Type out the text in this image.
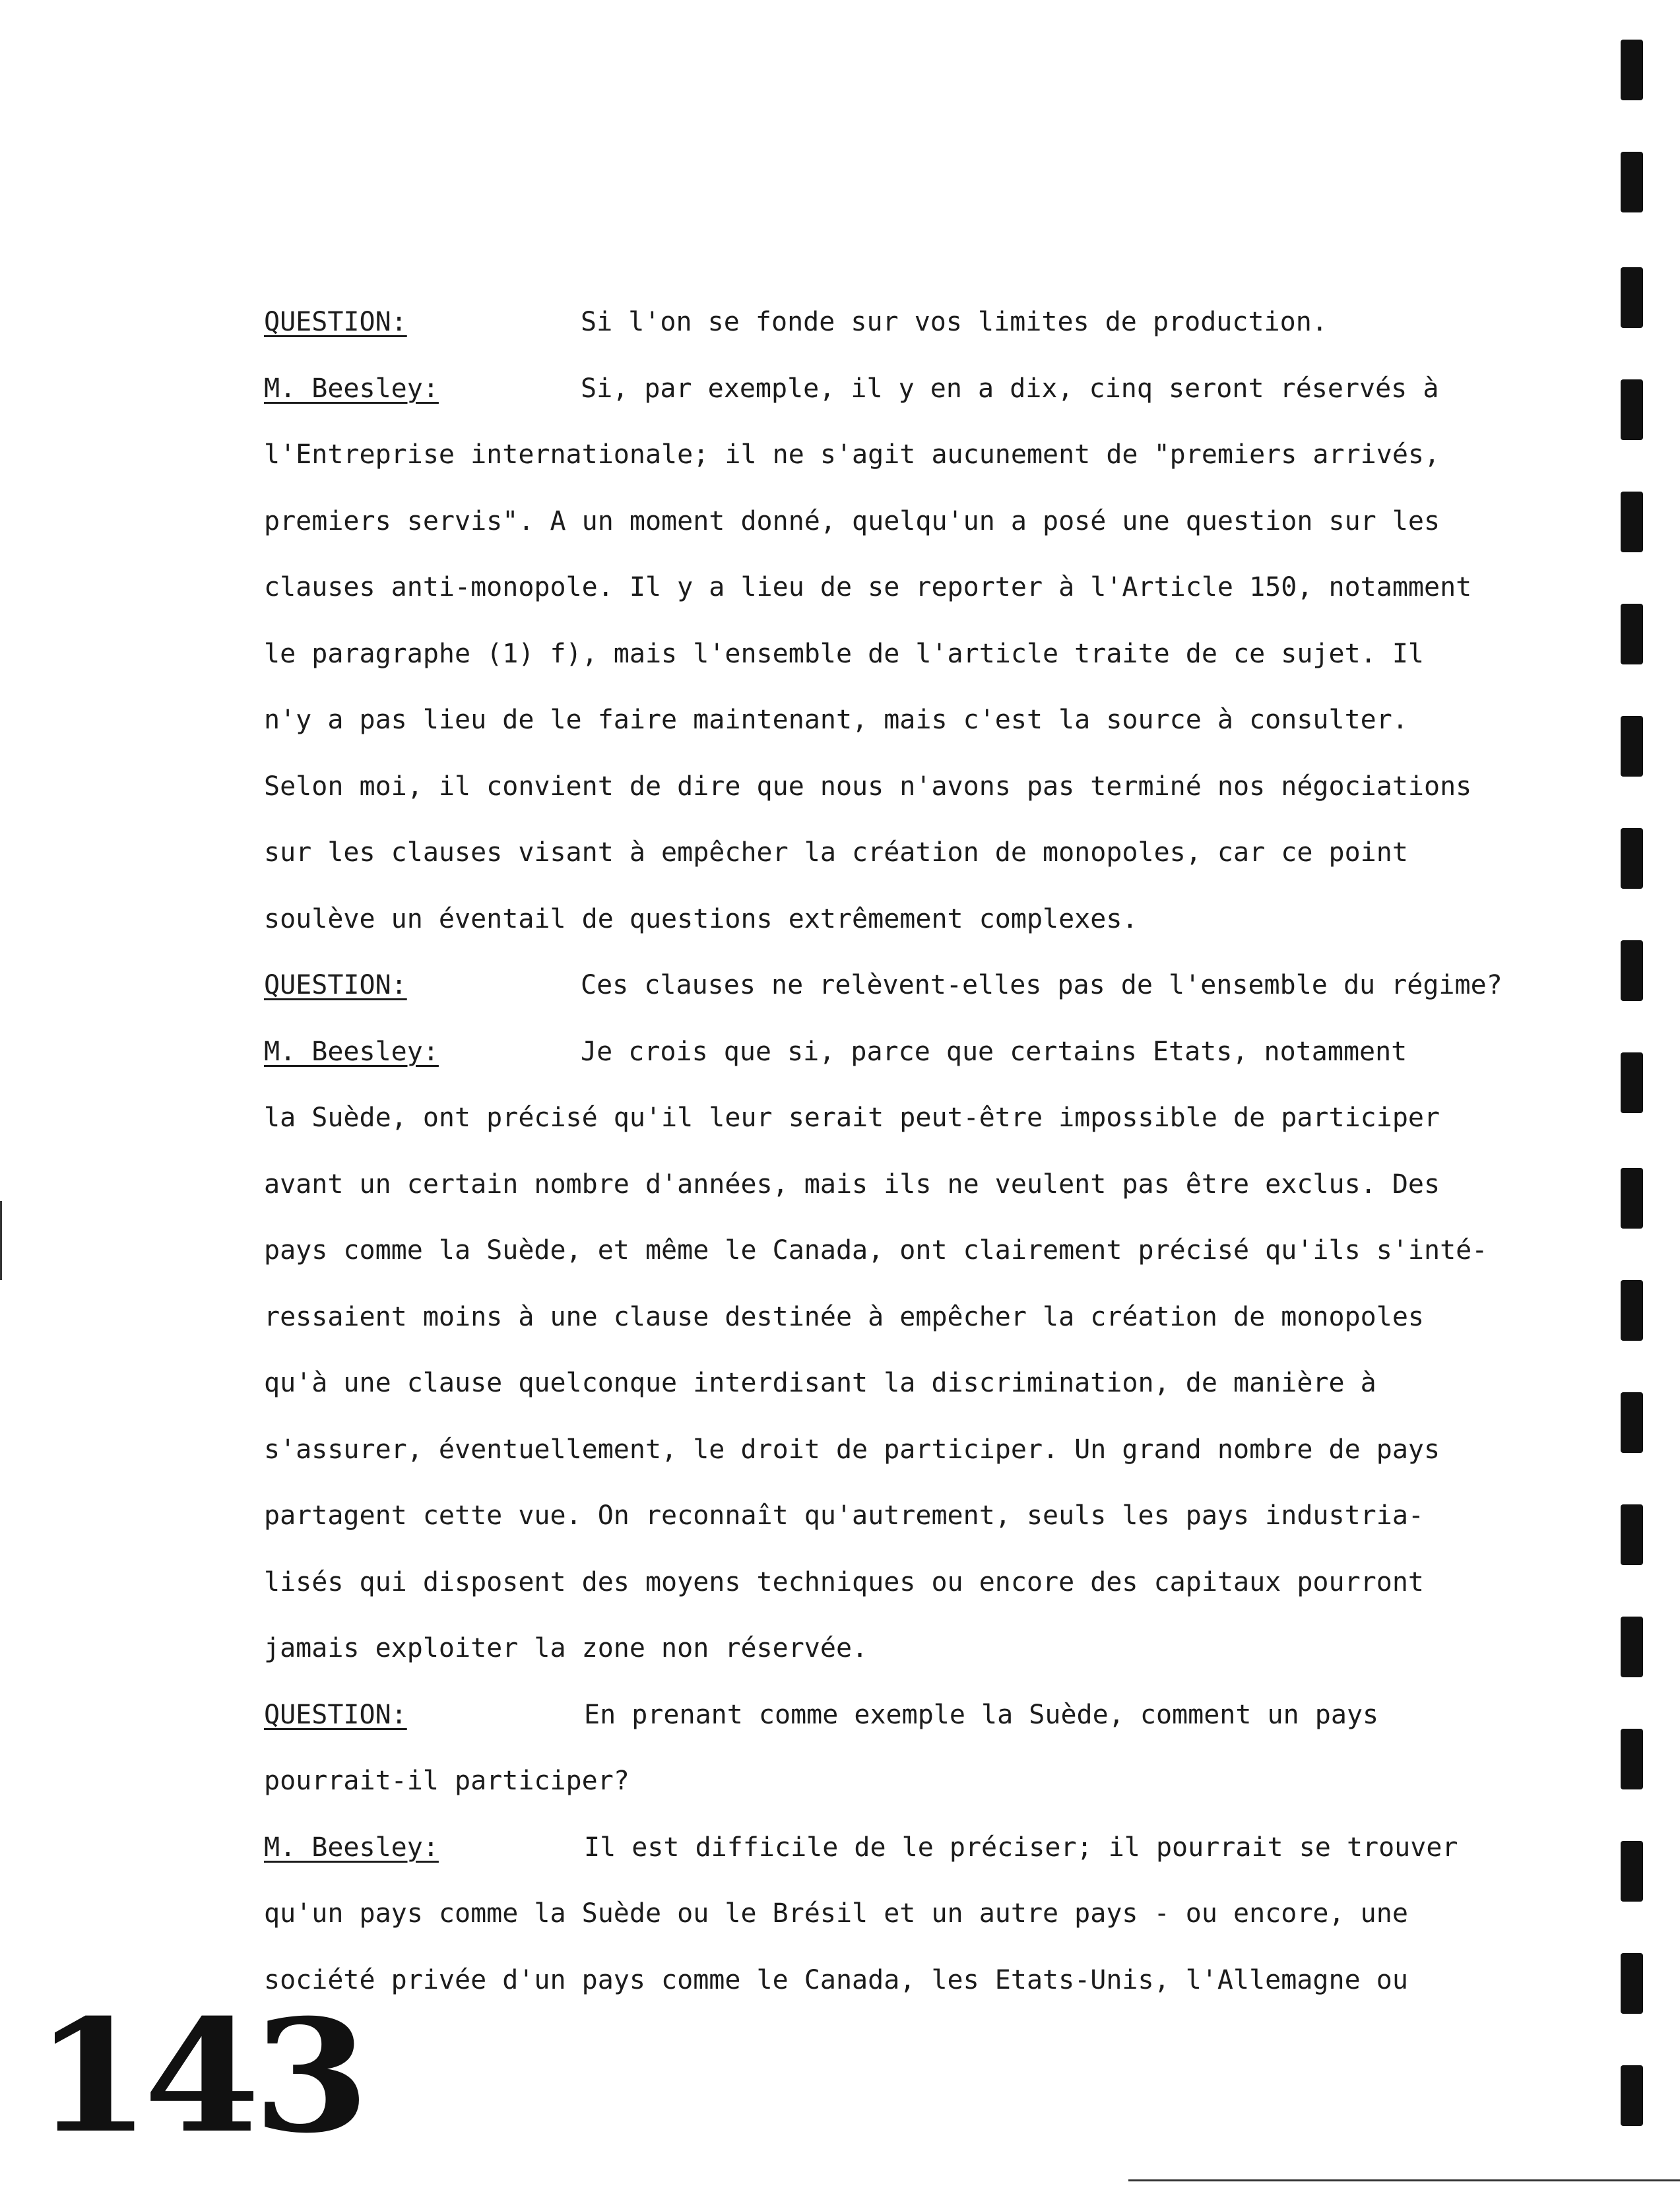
QUESTION:	Si l'on se fonde sur vos limites de production.
M. Beesley:	Si, par exemple, il y en a dix, cinq seront réservés à
l'Entreprise internationale; il ne s'agit aucunement de "premiers arrivés,
premiers servis". A un moment donné, quelqu'un a posé une question sur les
clauses anti-monopole. Il y a lieu de se reporter à l'Article 150, notamment
le paragraphe (1) f), mais l'ensemble de l'article traite de ce sujet. Il
n'y a pas lieu de le faire maintenant, mais c'est la source à consulter.
Selon moi, il convient de dire que nous n'avons pas terminé nos négociations
sur les clauses visant à empêcher la création de monopoles, car ce point
soulève un éventail de questions extrêmement complexes.
QUESTION:	Ces clauses ne relèvent-elles pas de l'ensemble du régime?
M. Beesley:	Je crois que si, parce que certains Etats, notamment
la Suède, ont précisé qu'il leur serait peut-être impossible de participer
avant un certain nombre d'années, mais ils ne veulent pas être exclus. Des
pays comme la Suède, et même le Canada, ont clairement précisé qu'ils s'inté-
ressaient moins à une clause destinée à empêcher la création de monopoles
qu'à une clause quelconque interdisant la discrimination, de manière à
s'assurer, éventuellement, le droit de participer. Un grand nombre de pays
partagent cette vue. On reconnaît qu'autrement, seuls les pays industria-
lisés qui disposent des moyens techniques ou encore des capitaux pourront
jamais exploiter la zone non réservée.
QUESTION:	En prenant comme exemple la Suède, comment un pays
pourrait-il participer?
M. Beesley:	Il est difficile de le préciser; il pourrait se trouver
qu'un pays comme la Suède ou le Brésil et un autre pays - ou encore, une
société privée d'un pays comme le Canada, les Etats-Unis, l'Allemagne ou
143
